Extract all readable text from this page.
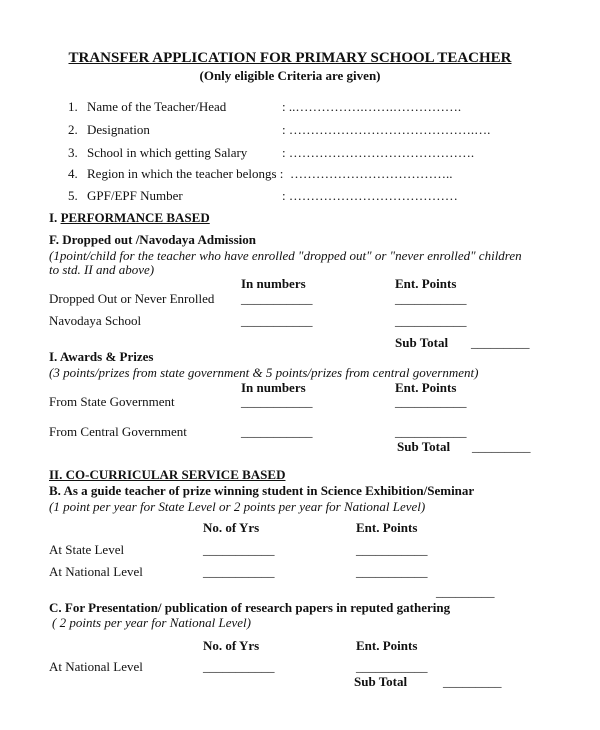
TRANSFER APPLICATION FOR PRIMARY SCHOOL TEACHER
(Only eligible Criteria are given)
1. Name of the Teacher/Head	: ..…………….…….…………….
2. Designation	: …………………………………….….
3. School in which getting Salary	: …………………………………….
4. Region in which the teacher belongs : ………………………………..
5. GPF/EPF Number	: …………………………………
I. PERFORMANCE BASED
F. Dropped out /Navodaya Admission
(1point/child for the teacher who have enrolled "dropped out" or "never enrolled" children
to std. II and above)
In numbers	Ent. Points
Dropped Out or Never Enrolled ___________	___________
Navodaya School	___________	___________
Sub Total _________
I. Awards & Prizes
(3 points/prizes from state government & 5 points/prizes from central government)
In numbers	Ent. Points
From State Government	___________	___________
From Central Government	___________	___________
Sub Total _________
II. CO-CURRICULAR SERVICE BASED
B. As a guide teacher of prize winning student in Science Exhibition/Seminar
(1 point per year for State Level or 2 points per year for National Level)
No. of Yrs	Ent. Points
At State Level	___________	___________
At National Level	___________	___________
_________
C. For Presentation/ publication of research papers in reputed gathering
( 2 points per year for National Level)
No. of Yrs	Ent. Points
At National Level	___________	___________
Sub Total	_________
